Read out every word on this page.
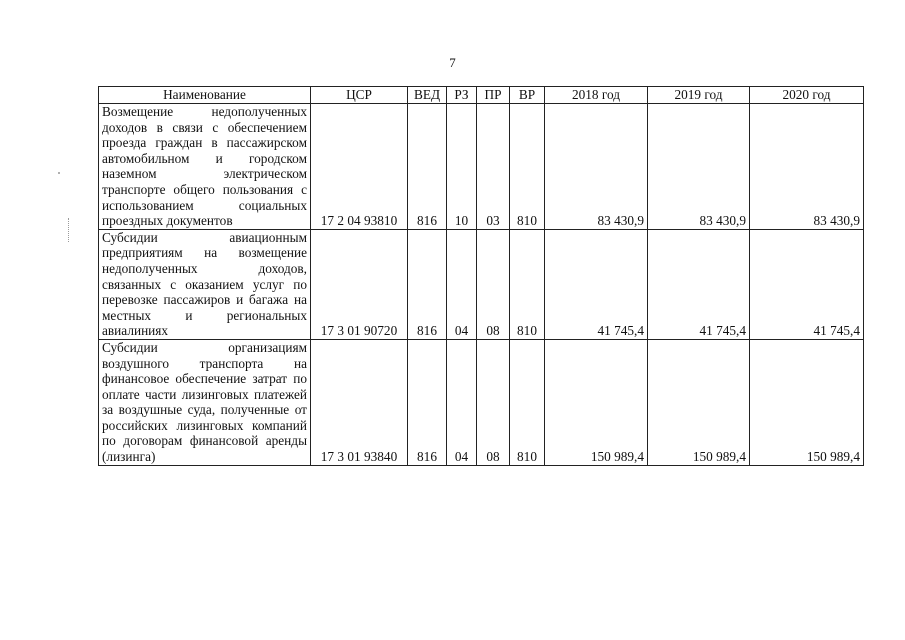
7
Наименование	ЦСР	ВЕД	РЗ	ПР	ВР	2018 год	2019 год	2020 год
Возмещение недополученных доходов в связи с обеспечением проезда граждан в пассажирском автомобильном и городском наземном электрическом транспорте общего пользования с использованием социальных проездных документов	17 2 04 93810	816	10	03	810	83 430,9	83 430,9	83 430,9
Субсидии авиационным предприятиям на возмещение недополученных доходов, связанных с оказанием услуг по перевозке пассажиров и багажа на местных и региональных авиалиниях	17 3 01 90720	816	04	08	810	41 745,4	41 745,4	41 745,4
Субсидии организациям воздушного транспорта на финансовое обеспечение затрат по оплате части лизинговых платежей за воздушные суда, полученные от российских лизинговых компаний по договорам финансовой аренды (лизинга)	17 3 01 93840	816	04	08	810	150 989,4	150 989,4	150 989,4
